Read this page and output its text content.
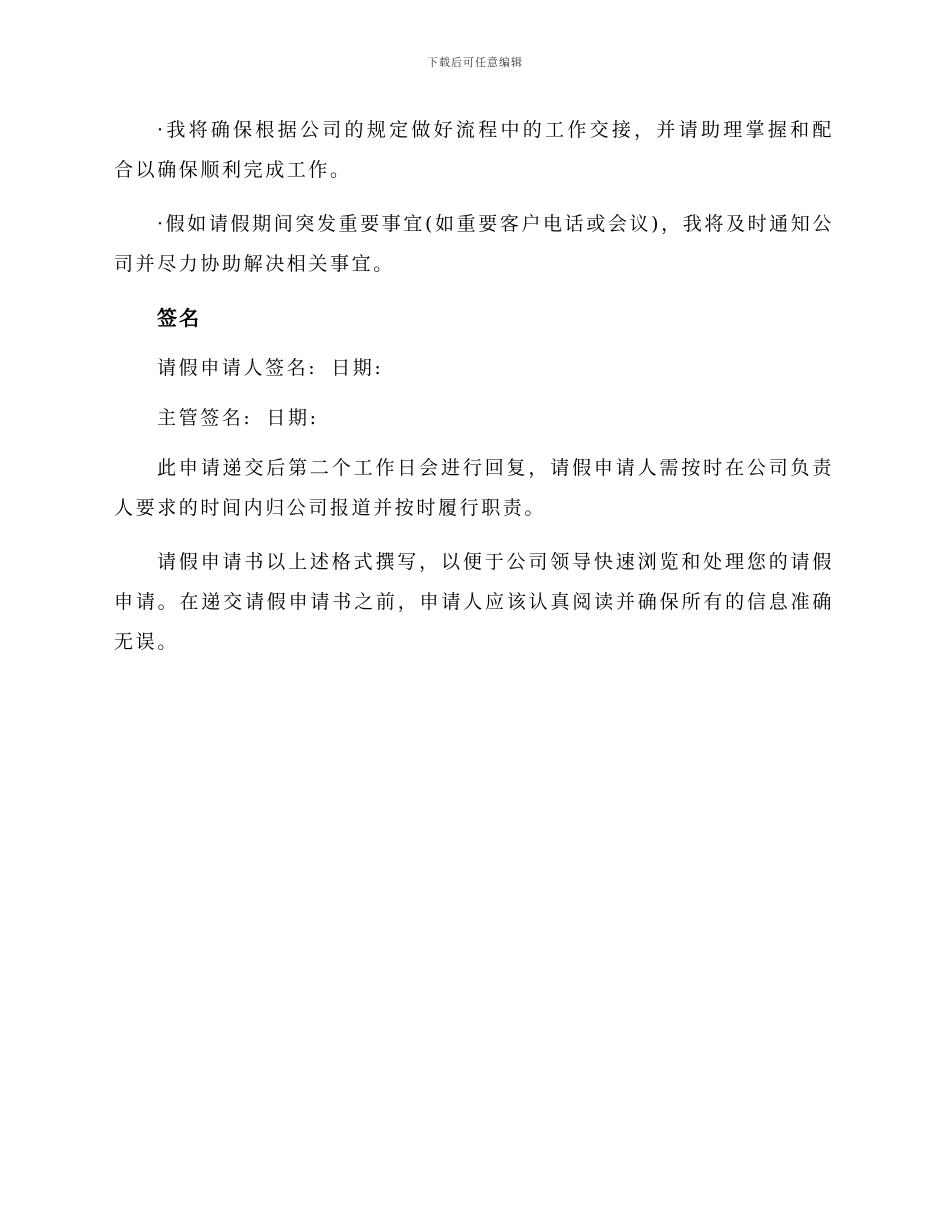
下载后可任意编辑

·我将确保根据公司的规定做好流程中的工作交接，并请助理掌握和配合以确保顺利完成工作。

·假如请假期间突发重要事宜(如重要客户电话或会议)，我将及时通知公司并尽力协助解决相关事宜。

签名

请假申请人签名: 日期:

主管签名: 日期:

此申请递交后第二个工作日会进行回复，请假申请人需按时在公司负责人要求的时间内归公司报道并按时履行职责。

请假申请书以上述格式撰写，以便于公司领导快速浏览和处理您的请假申请。在递交请假申请书之前，申请人应该认真阅读并确保所有的信息准确无误。
